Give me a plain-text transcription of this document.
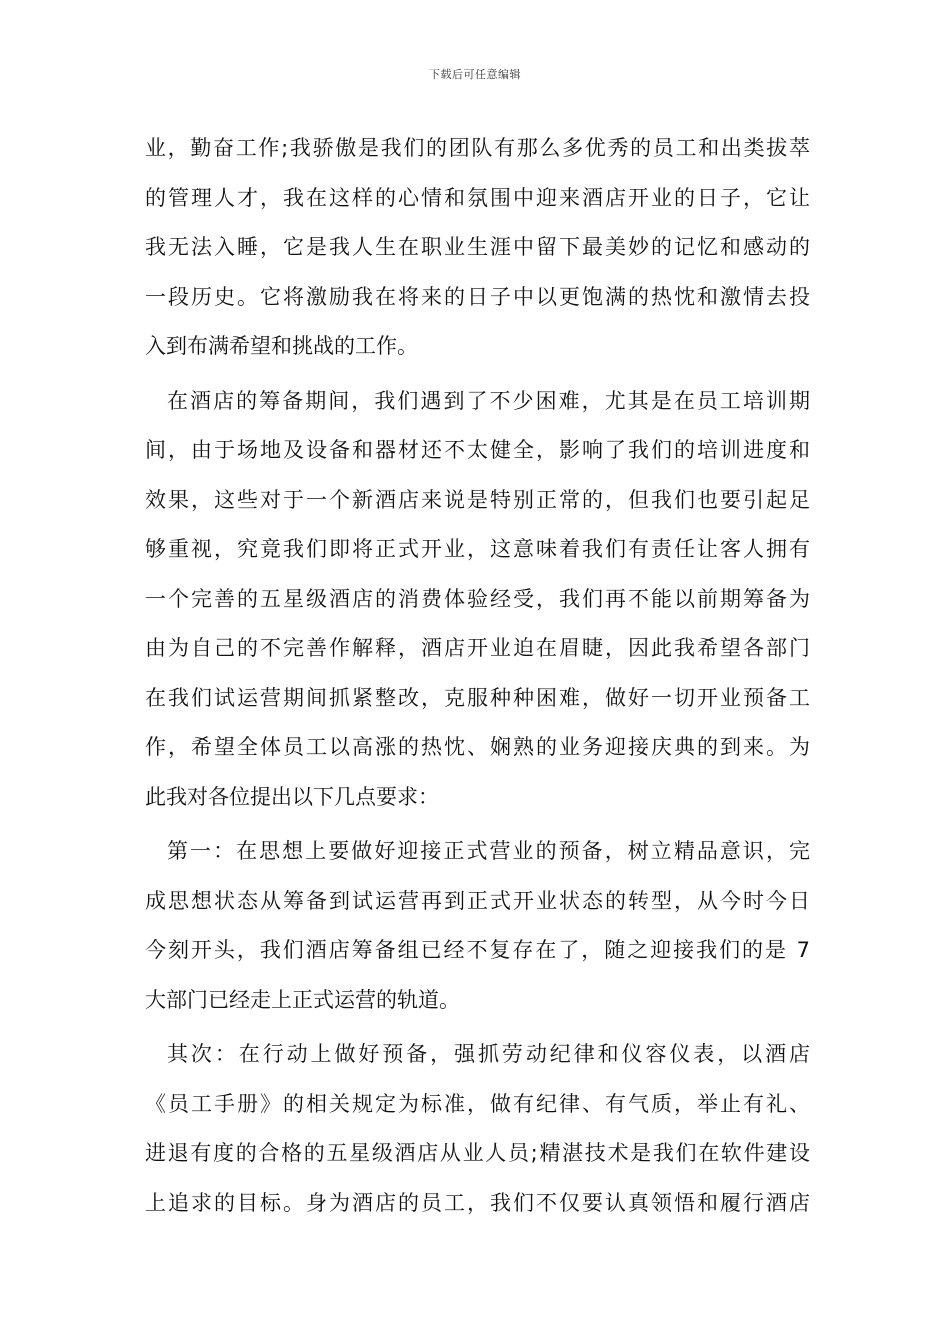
下载后可任意编辑
业，勤奋工作;我骄傲是我们的团队有那么多优秀的员工和出类拔萃
的管理人才，我在这样的心情和氛围中迎来酒店开业的日子，它让
我无法入睡，它是我人生在职业生涯中留下最美妙的记忆和感动的
一段历史。它将激励我在将来的日子中以更饱满的热忱和激情去投
入到布满希望和挑战的工作。
在酒店的筹备期间，我们遇到了不少困难，尤其是在员工培训期
间，由于场地及设备和器材还不太健全，影响了我们的培训进度和
效果，这些对于一个新酒店来说是特别正常的，但我们也要引起足
够重视，究竟我们即将正式开业，这意味着我们有责任让客人拥有
一个完善的五星级酒店的消费体验经受，我们再不能以前期筹备为
由为自己的不完善作解释，酒店开业迫在眉睫，因此我希望各部门
在我们试运营期间抓紧整改，克服种种困难，做好一切开业预备工
作，希望全体员工以高涨的热忱、娴熟的业务迎接庆典的到来。为
此我对各位提出以下几点要求：
第一：在思想上要做好迎接正式营业的预备，树立精品意识，完
成思想状态从筹备到试运营再到正式开业状态的转型，从今时今日
今刻开头，我们酒店筹备组已经不复存在了，随之迎接我们的是 7
大部门已经走上正式运营的轨道。
其次：在行动上做好预备，强抓劳动纪律和仪容仪表，以酒店
《员工手册》的相关规定为标准，做有纪律、有气质，举止有礼、
进退有度的合格的五星级酒店从业人员;精湛技术是我们在软件建设
上追求的目标。身为酒店的员工，我们不仅要认真领悟和履行酒店
